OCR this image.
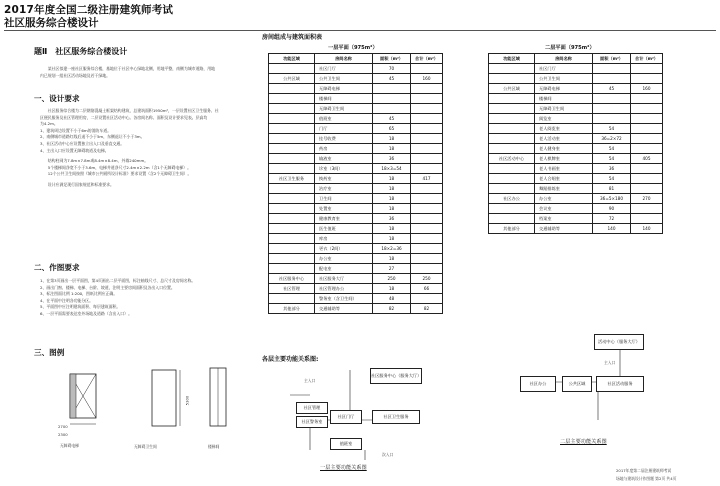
2017年度全国二级注册建筑师考试
社区服务综合楼设计
题Ⅱ　社区服务综合楼设计
　　某社区拟建一座社区服务综合楼，基地位于社区中心绿地北侧，用地平整，南侧为城市道路，用地
内已规划一组社区活动场地及若干绿地。
一、设计要求
　　社区服务综合楼为二层钢筋混凝土框架结构建筑，总建筑面积1950m²，一层设置社区卫生服务、社
区便民服务及社区管理用房，二层设置社区活动中心。各房间名称、面积及设计要求见表。层高均
为4.2m。
1、建筑周边设置不小于6m的消防车道。
2、南侧城市道路红线后退不小于5m，东侧退让不小于3m。
3、社区活动中心应设置独立出入口及垂直交通。
4、主出入口应设置无障碍坡道及电梯。
　　结构柱网为7.8m×7.8m或8.4m×8.4m，外墙240mm。
　　5个楼梯间净宽不小于3.6m，电梯井道净尺寸2.4m×2.2m（含1个无障碍电梯）。
　　12个公共卫生间按照《城市公共厕所设计标准》要求设置（含2个无障碍卫生间）。
　　设计应满足现行国家规范和标准要求。
二、作图要求
1、在第3页画出一层平面图，第4页画出二层平面图，标注轴线尺寸、总尺寸及房间名称。
2、画出门窗、楼梯、电梯、台阶、坡道，注明主要房间面积及各出入口位置。
3、标注图面比例 1:200，图纸比例应正确。
4、在平面中注明各功能分区。
5、平面图中应注明建筑面积、每层建筑面积。
6、一层平面需要表达室外场地及道路（含出入口）。
三、图例
2700
5300
2300
无障碍电梯	无障碍卫生间	楼梯间
房间组成与建筑面积表
一层平面（975m²）	二层平面（975m²）
功能区域	房间名称	面积（m²）	合计（m²）
	社区门厅	70	
公共区域	公共卫生间	45	160
	无障碍电梯		
	楼梯间		
	无障碍卫生间		
	值班室	45	
	门厅	65	
	挂号收费	18	
	药房	18	
	输液室	36	
	诊室（3间）	18×3=54	
社区卫生服务	换药室	18	417
	治疗室	18	
	卫生间	18	
	处置室	18	
	健康教育室	36	
	医生值班	18	
	库房	18	
	更衣（2间）	18×2=36	
	办公室	18	
	配电室	27	
社区服务中心	社区服务大厅	250	250
社区管理	社区管理办公	18	66
	警务室（含卫生间）	48	
其他部分	交通辅助等	82	82
功能区域	房间名称	面积（m²）	合计（m²）
	社区门厅		
	公共卫生间		
公共区域	无障碍电梯	45	160
	楼梯间		
	无障碍卫生间		
	阅览室		
	老人阅览室	54	
	老人活动室	36=2×72	
	老人健身室	54	
社区活动中心	老人棋牌室	54	405
	老人书画室	36	
	老人合唱室	54	
	舞蹈排练室	81	
社区办公	办公室	36=5×180	270
	会议室	90	
	档案室	72	
其他部分	交通辅助等	140	140
各层主要功能关系图:
社区服务中心（服务大厅）
社区门厅	社区卫生服务
社区管理
社区警务室
值班室
主入口
次入口
一层主要功能关系图
活动中心（服务大厅）
社区办公	公共区域	社区活动服务
主入口
二层主要功能关系图
2017年度第二届注册建筑师考试
场地与建筑设计作图题 第2页 共4页
